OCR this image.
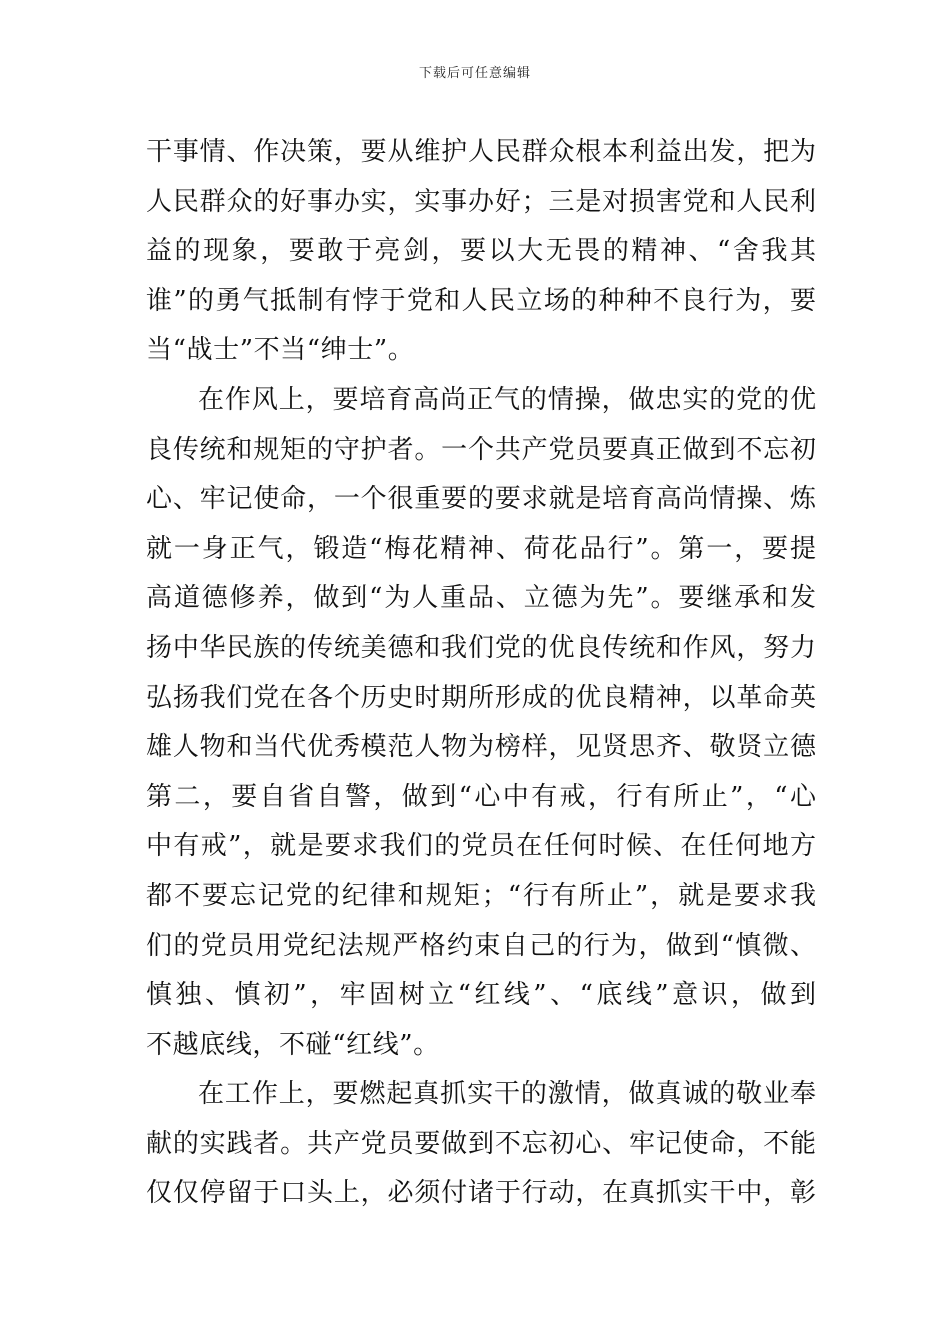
下载后可任意编辑
干事情、作决策，要从维护人民群众根本利益出发，把为
人民群众的好事办实，实事办好；三是对损害党和人民利
益的现象，要敢于亮剑，要以大无畏的精神、“舍我其
谁”的勇气抵制有悖于党和人民立场的种种不良行为，要
当“战士”不当“绅士”。
在作风上，要培育高尚正气的情操，做忠实的党的优
良传统和规矩的守护者。一个共产党员要真正做到不忘初
心、牢记使命，一个很重要的要求就是培育高尚情操、炼
就一身正气，锻造“梅花精神、荷花品行”。第一，要提
高道德修养，做到“为人重品、立德为先”。要继承和发
扬中华民族的传统美德和我们党的优良传统和作风，努力
弘扬我们党在各个历史时期所形成的优良精神，以革命英
雄人物和当代优秀模范人物为榜样，见贤思齐、敬贤立德
第二，要自省自警，做到“心中有戒，行有所止”，“心
中有戒”，就是要求我们的党员在任何时候、在任何地方
都不要忘记党的纪律和规矩；“行有所止”，就是要求我
们的党员用党纪法规严格约束自己的行为，做到“慎微、
慎独、慎初”，牢固树立“红线”、“底线”意识，做到
不越底线，不碰“红线”。
在工作上，要燃起真抓实干的激情，做真诚的敬业奉
献的实践者。共产党员要做到不忘初心、牢记使命，不能
仅仅停留于口头上，必须付诸于行动，在真抓实干中，彰
